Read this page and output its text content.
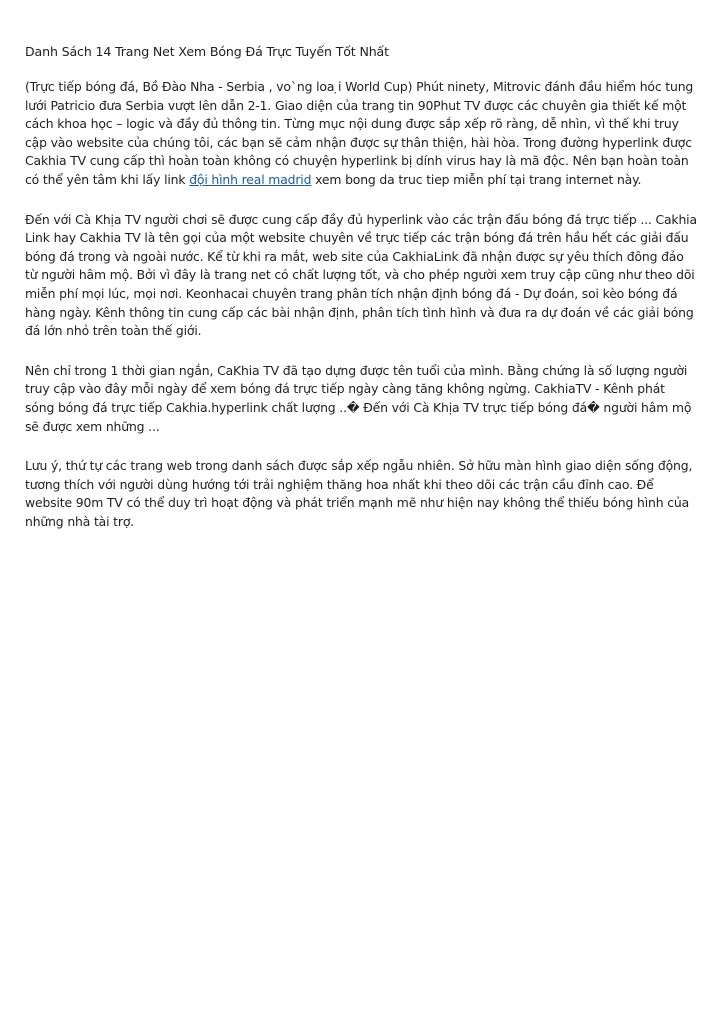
Danh Sách 14 Trang Net Xem Bóng Đá Trực Tuyến Tốt Nhất

(Trực tiếp bóng đá, Bồ Đào Nha - Serbia , vo`ng loa ̣i World Cup) Phút ninety, Mitrovic đánh đầu hiểm hóc tung lưới Patricio đưa Serbia vượt lên dẫn 2-1. Giao diện của trang tin 90Phut TV được các chuyên gia thiết kế một cách khoa học – logic và đầy đủ thông tin. Từng mục nội dung được sắp xếp rõ ràng, dễ nhìn, vì thế khi truy cập vào website của chúng tôi, các bạn sẽ cảm nhận được sự thân thiện, hài hòa. Trong đường hyperlink được Cakhia TV cung cấp thì hoàn toàn không có chuyện hyperlink bị dính virus hay là mã độc. Nên bạn hoàn toàn có thể yên tâm khi lấy link đội hình real madrid xem bong da truc tiep miễn phí tại trang internet này.

Đến với Cà Khịa TV người chơi sẽ được cung cấp đầy đủ hyperlink vào các trận đấu bóng đá trực tiếp ... Cakhia Link hay Cakhia TV là tên gọi của một website chuyên về trực tiếp các trận bóng đá trên hầu hết các giải đấu bóng đá trong và ngoài nước. Kể từ khi ra mắt, web site của CakhiaLink đã nhận được sự yêu thích đông đảo từ người hâm mộ. Bởi vì đây là trang net có chất lượng tốt, và cho phép người xem truy cập cũng như theo dõi miễn phí mọi lúc, mọi nơi. Keonhacai chuyên trang phân tích nhận định bóng đá - Dự đoán, soi kèo bóng đá hàng ngày. Kênh thông tin cung cấp các bài nhận định, phân tích tình hình và đưa ra dự đoán về các giải bóng đá lớn nhỏ trên toàn thế giới.

Nên chỉ trong 1 thời gian ngắn, CaKhia TV đã tạo dựng được tên tuổi của mình. Bằng chứng là số lượng người truy cập vào đây mỗi ngày để xem bóng đá trực tiếp ngày càng tăng không ngừng. CakhiaTV - Kênh phát sóng bóng đá trực tiếp Cakhia.hyperlink chất lượng ..� Đến với Cà Khịa TV trực tiếp bóng đá� người hâm mộ sẽ được xem những ...

Lưu ý, thứ tự các trang web trong danh sách được sắp xếp ngẫu nhiên. Sở hữu màn hình giao diện sống động, tương thích với người dùng hướng tới trải nghiệm thăng hoa nhất khi theo dõi các trận cầu đỉnh cao. Để website 90m TV có thể duy trì hoạt động và phát triển mạnh mẽ như hiện nay không thể thiếu bóng hình của những nhà tài trợ.
